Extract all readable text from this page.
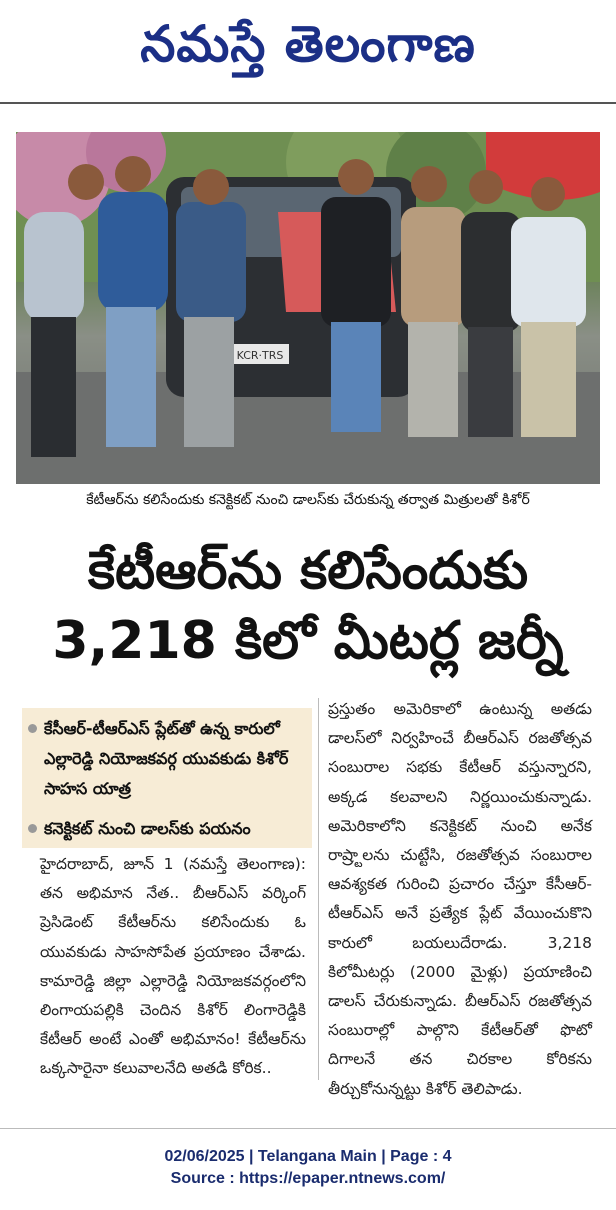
నమస్తే తెలంగాణ
KCR·TRS
కేటీఆర్‌ను కలిసేందుకు కనెక్టికట్‌ నుంచి డాలస్‌కు చేరుకున్న తర్వాత మిత్రులతో కిశోర్‌
కేటీఆర్‌ను కలిసేందుకు
3,218 కిలో మీటర్ల జర్నీ
కేసీఆర్‌-టీఆర్‌ఎస్‌ ప్లేట్‌తో ఉన్న కారులో ఎల్లారెడ్డి నియోజకవర్గ యువకుడు కిశోర్‌ సాహస యాత్ర
కనెక్టికట్‌ నుంచి డాలస్‌కు పయనం
హైదరాబాద్‌, జూన్‌ 1 (నమస్తే తెలంగాణ): తన అభిమాన నేత.. బీఆర్‌ఎస్‌ వర్కింగ్‌ ప్రెసిడెంట్‌ కేటీఆర్‌ను కలిసేందుకు ఓ యువకుడు సాహసోపేత ప్రయాణం చేశాడు. కామారెడ్డి జిల్లా ఎల్లారెడ్డి నియోజకవర్గంలోని లింగాయపల్లికి చెందిన కిశోర్‌ లింగారెడ్డికి కేటీఆర్‌ అంటే ఎంతో అభిమానం! కేటీఆర్‌ను ఒక్కసారైనా కలువాలనేది అతడి కోరిక..
ప్రస్తుతం అమెరికాలో ఉంటున్న అతడు డాలస్‌లో నిర్వహించే బీఆర్‌ఎస్‌ రజతోత్సవ సంబురాల సభకు కేటీఆర్‌ వస్తున్నారని, అక్కడ కలవాలని నిర్ణయించుకున్నాడు. అమెరికాలోని కనెక్టికట్‌ నుంచి అనేక రాష్ర్టాలను చుట్టేసి, రజతోత్సవ సంబురాల ఆవశ్యకత గురించి ప్రచారం చేస్తూ కేసీఆర్‌-టీఆర్‌ఎస్‌ అనే ప్రత్యేక ప్లేట్‌ వేయించుకొని కారులో బయలుదేరాడు. 3,218 కిలోమీటర్లు (2000 మైళ్లు) ప్రయాణించి డాలస్‌ చేరుకున్నాడు. బీఆర్‌ఎస్‌ రజతోత్సవ సంబురాల్లో పాల్గొని కేటీఆర్‌తో ఫొటో దిగాలనే తన చిరకాల కోరికను తీర్చుకోనున్నట్టు కిశోర్‌ తెలిపాడు.
02/06/2025 | Telangana Main | Page : 4
Source : https://epaper.ntnews.com/
